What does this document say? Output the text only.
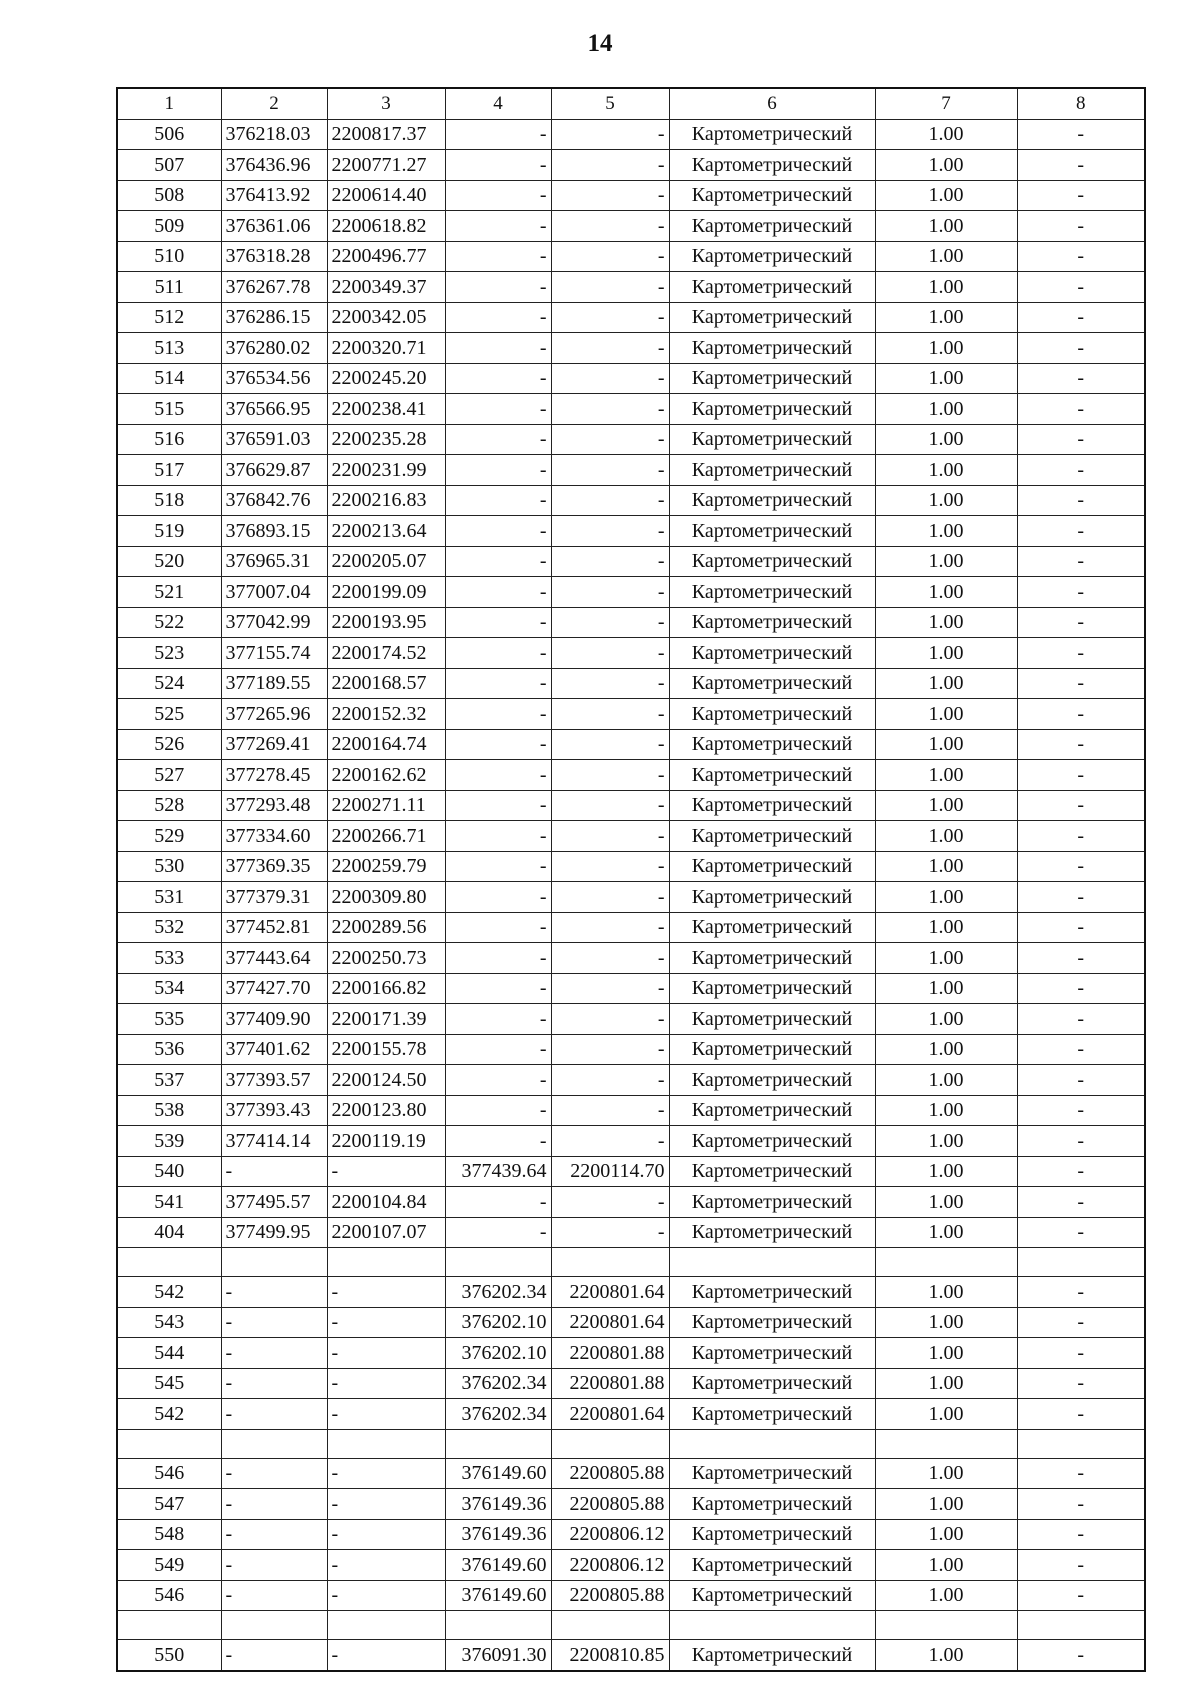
14
1	2	3	4	5	6	7	8
506	376218.03	2200817.37	-	-	Картометрический	1.00	-
507	376436.96	2200771.27	-	-	Картометрический	1.00	-
508	376413.92	2200614.40	-	-	Картометрический	1.00	-
509	376361.06	2200618.82	-	-	Картометрический	1.00	-
510	376318.28	2200496.77	-	-	Картометрический	1.00	-
511	376267.78	2200349.37	-	-	Картометрический	1.00	-
512	376286.15	2200342.05	-	-	Картометрический	1.00	-
513	376280.02	2200320.71	-	-	Картометрический	1.00	-
514	376534.56	2200245.20	-	-	Картометрический	1.00	-
515	376566.95	2200238.41	-	-	Картометрический	1.00	-
516	376591.03	2200235.28	-	-	Картометрический	1.00	-
517	376629.87	2200231.99	-	-	Картометрический	1.00	-
518	376842.76	2200216.83	-	-	Картометрический	1.00	-
519	376893.15	2200213.64	-	-	Картометрический	1.00	-
520	376965.31	2200205.07	-	-	Картометрический	1.00	-
521	377007.04	2200199.09	-	-	Картометрический	1.00	-
522	377042.99	2200193.95	-	-	Картометрический	1.00	-
523	377155.74	2200174.52	-	-	Картометрический	1.00	-
524	377189.55	2200168.57	-	-	Картометрический	1.00	-
525	377265.96	2200152.32	-	-	Картометрический	1.00	-
526	377269.41	2200164.74	-	-	Картометрический	1.00	-
527	377278.45	2200162.62	-	-	Картометрический	1.00	-
528	377293.48	2200271.11	-	-	Картометрический	1.00	-
529	377334.60	2200266.71	-	-	Картометрический	1.00	-
530	377369.35	2200259.79	-	-	Картометрический	1.00	-
531	377379.31	2200309.80	-	-	Картометрический	1.00	-
532	377452.81	2200289.56	-	-	Картометрический	1.00	-
533	377443.64	2200250.73	-	-	Картометрический	1.00	-
534	377427.70	2200166.82	-	-	Картометрический	1.00	-
535	377409.90	2200171.39	-	-	Картометрический	1.00	-
536	377401.62	2200155.78	-	-	Картометрический	1.00	-
537	377393.57	2200124.50	-	-	Картометрический	1.00	-
538	377393.43	2200123.80	-	-	Картометрический	1.00	-
539	377414.14	2200119.19	-	-	Картометрический	1.00	-
540	-	-	377439.64	2200114.70	Картометрический	1.00	-
541	377495.57	2200104.84	-	-	Картометрический	1.00	-
404	377499.95	2200107.07	-	-	Картометрический	1.00	-

542	-	-	376202.34	2200801.64	Картометрический	1.00	-
543	-	-	376202.10	2200801.64	Картометрический	1.00	-
544	-	-	376202.10	2200801.88	Картометрический	1.00	-
545	-	-	376202.34	2200801.88	Картометрический	1.00	-
542	-	-	376202.34	2200801.64	Картометрический	1.00	-

546	-	-	376149.60	2200805.88	Картометрический	1.00	-
547	-	-	376149.36	2200805.88	Картометрический	1.00	-
548	-	-	376149.36	2200806.12	Картометрический	1.00	-
549	-	-	376149.60	2200806.12	Картометрический	1.00	-
546	-	-	376149.60	2200805.88	Картометрический	1.00	-

550	-	-	376091.30	2200810.85	Картометрический	1.00	-
